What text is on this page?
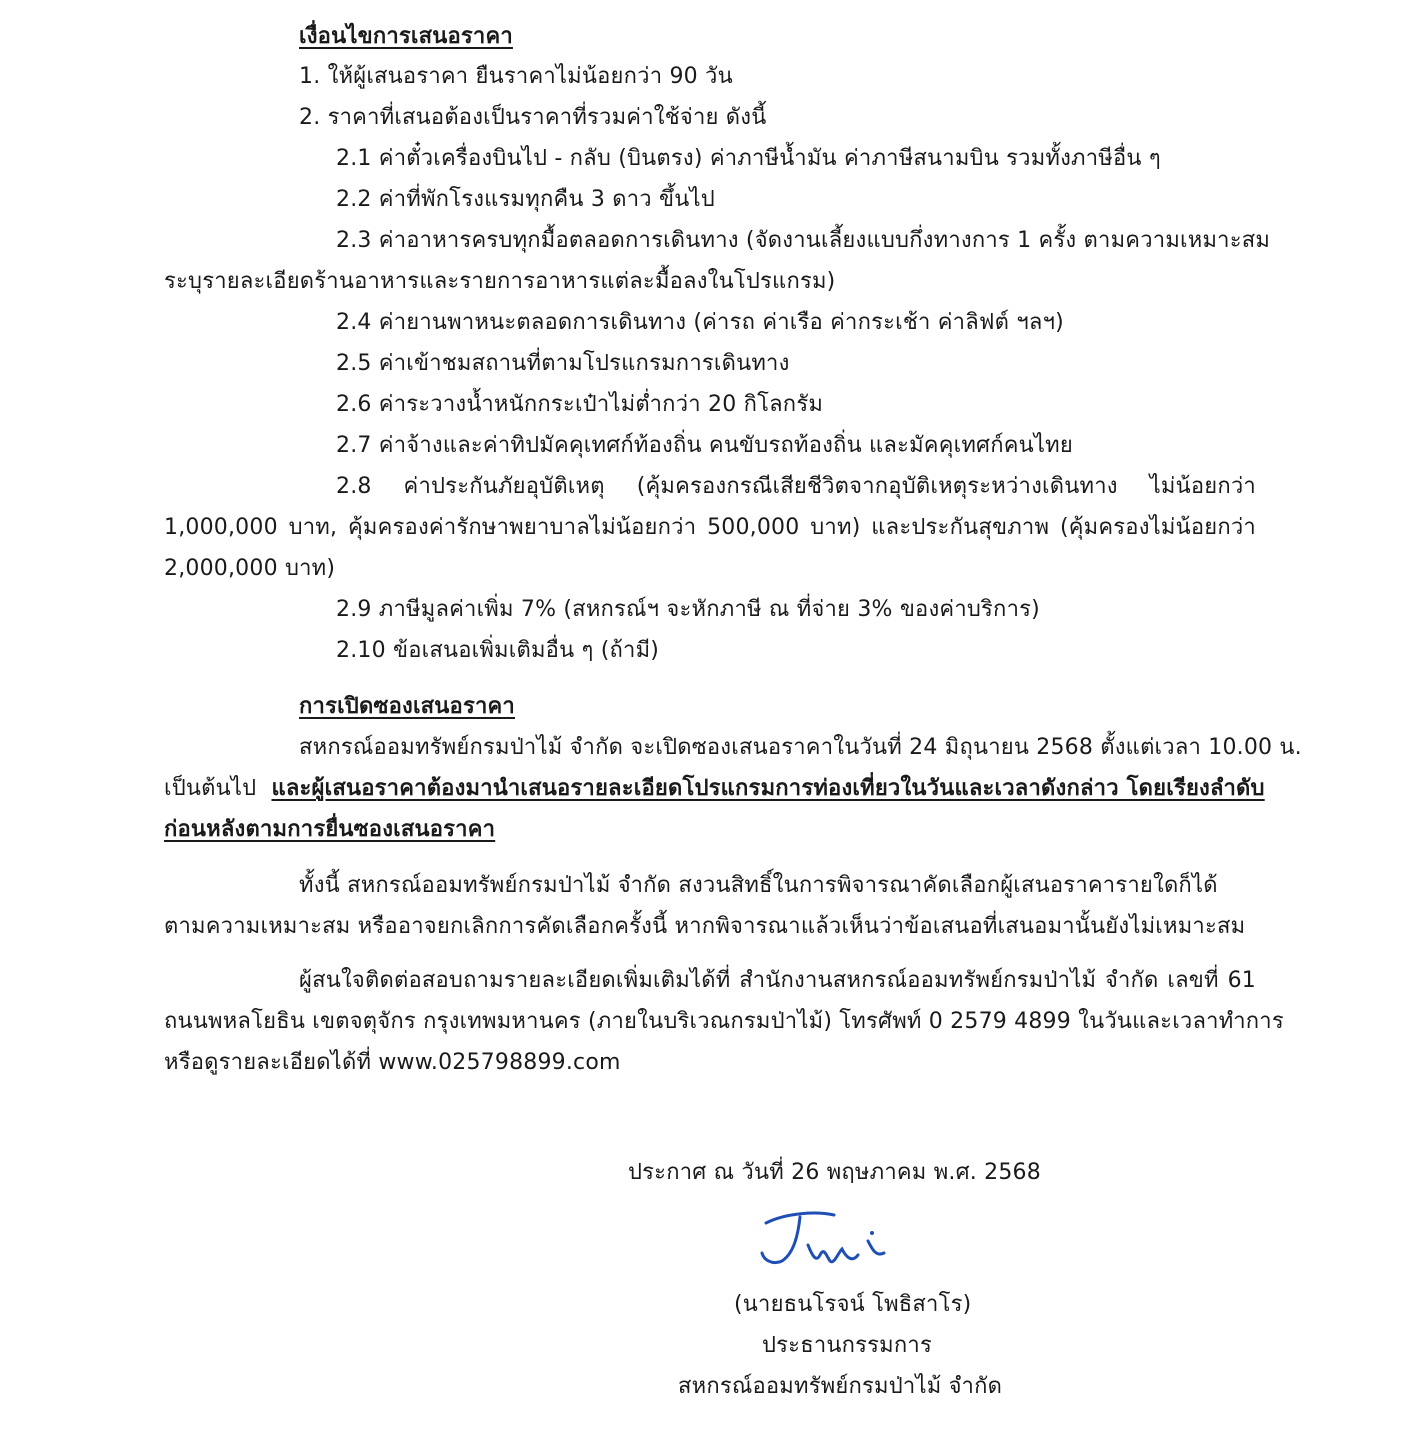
เงื่อนไขการเสนอราคา
1. ให้ผู้เสนอราคา ยืนราคาไม่น้อยกว่า 90 วัน
2. ราคาที่เสนอต้องเป็นราคาที่รวมค่าใช้จ่าย ดังนี้
2.1 ค่าตั๋วเครื่องบินไป - กลับ (บินตรง) ค่าภาษีน้ำมัน ค่าภาษีสนามบิน รวมทั้งภาษีอื่น ๆ
2.2 ค่าที่พักโรงแรมทุกคืน 3 ดาว ขึ้นไป
2.3 ค่าอาหารครบทุกมื้อตลอดการเดินทาง (จัดงานเลี้ยงแบบกึ่งทางการ 1 ครั้ง ตามความเหมาะสม
ระบุรายละเอียดร้านอาหารและรายการอาหารแต่ละมื้อลงในโปรแกรม)
2.4 ค่ายานพาหนะตลอดการเดินทาง (ค่ารถ ค่าเรือ ค่ากระเช้า ค่าลิฟต์ ฯลฯ)
2.5 ค่าเข้าชมสถานที่ตามโปรแกรมการเดินทาง
2.6 ค่าระวางน้ำหนักกระเป๋าไม่ต่ำกว่า 20 กิโลกรัม
2.7 ค่าจ้างและค่าทิปมัคคุเทศก์ท้องถิ่น คนขับรถท้องถิ่น และมัคคุเทศก์คนไทย
2.8 ค่าประกันภัยอุบัติเหตุ (คุ้มครองกรณีเสียชีวิตจากอุบัติเหตุระหว่างเดินทาง ไม่น้อยกว่า
1,000,000 บาท, คุ้มครองค่ารักษาพยาบาลไม่น้อยกว่า 500,000 บาท) และประกันสุขภาพ (คุ้มครองไม่น้อยกว่า
2,000,000 บาท)
2.9 ภาษีมูลค่าเพิ่ม 7% (สหกรณ์ฯ จะหักภาษี ณ ที่จ่าย 3% ของค่าบริการ)
2.10 ข้อเสนอเพิ่มเติมอื่น ๆ (ถ้ามี)
การเปิดซองเสนอราคา
สหกรณ์ออมทรัพย์กรมป่าไม้ จำกัด จะเปิดซองเสนอราคาในวันที่ 24 มิถุนายน 2568 ตั้งแต่เวลา 10.00 น.
เป็นต้นไป และผู้เสนอราคาต้องมานำเสนอรายละเอียดโปรแกรมการท่องเที่ยวในวันและเวลาดังกล่าว โดยเรียงลำดับ
ก่อนหลังตามการยื่นซองเสนอราคา
ทั้งนี้ สหกรณ์ออมทรัพย์กรมป่าไม้ จำกัด สงวนสิทธิ์ในการพิจารณาคัดเลือกผู้เสนอราคารายใดก็ได้
ตามความเหมาะสม หรืออาจยกเลิกการคัดเลือกครั้งนี้ หากพิจารณาแล้วเห็นว่าข้อเสนอที่เสนอมานั้นยังไม่เหมาะสม
ผู้สนใจติดต่อสอบถามรายละเอียดเพิ่มเติมได้ที่ สำนักงานสหกรณ์ออมทรัพย์กรมป่าไม้ จำกัด เลขที่ 61
ถนนพหลโยธิน เขตจตุจักร กรุงเทพมหานคร (ภายในบริเวณกรมป่าไม้) โทรศัพท์ 0 2579 4899 ในวันและเวลาทำการ
หรือดูรายละเอียดได้ที่ www.025798899.com
ประกาศ ณ วันที่ 26 พฤษภาคม พ.ศ. 2568
(นายธนโรจน์ โพธิสาโร)
ประธานกรรมการ
สหกรณ์ออมทรัพย์กรมป่าไม้ จำกัด
